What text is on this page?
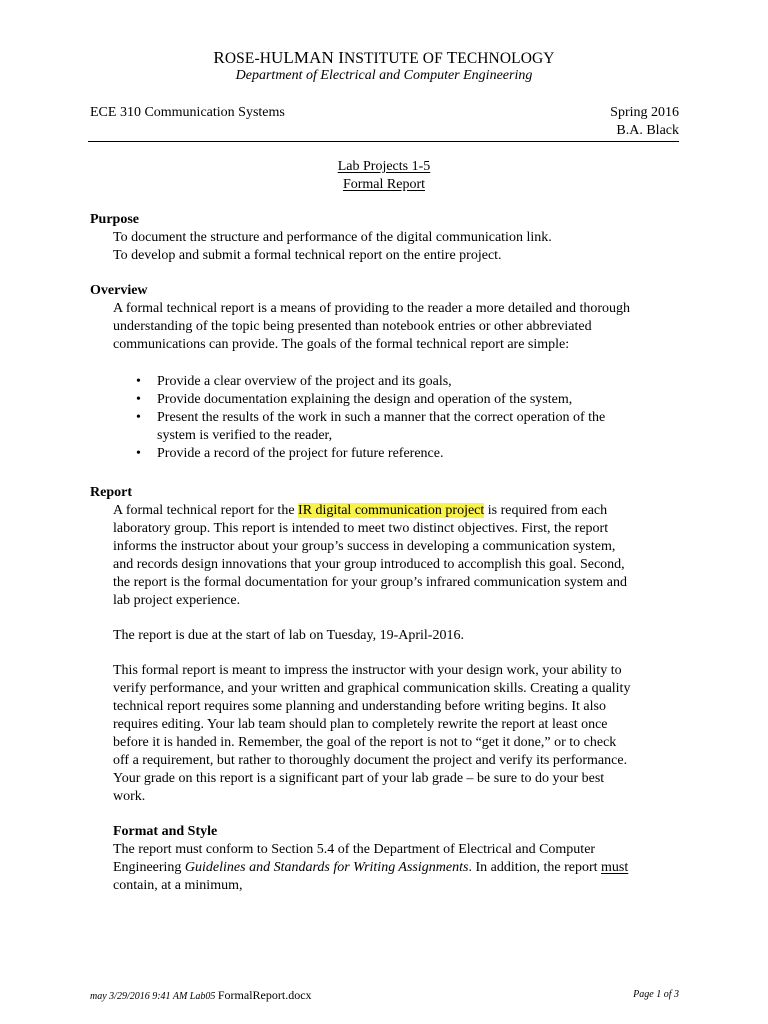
ROSE-HULMAN INSTITUTE OF TECHNOLOGY
Department of Electrical and Computer Engineering
ECE 310 Communication Systems	Spring 2016
B.A. Black
Lab Projects 1-5
Formal Report
Purpose
To document the structure and performance of the digital communication link.
To develop and submit a formal technical report on the entire project.
Overview
A formal technical report is a means of providing to the reader a more detailed and thorough
understanding of the topic being presented than notebook entries or other abbreviated
communications can provide. The goals of the formal technical report are simple:
• Provide a clear overview of the project and its goals,
• Provide documentation explaining the design and operation of the system,
• Present the results of the work in such a manner that the correct operation of the
system is verified to the reader,
• Provide a record of the project for future reference.
Report
A formal technical report for the IR digital communication project is required from each
laboratory group. This report is intended to meet two distinct objectives. First, the report
informs the instructor about your group’s success in developing a communication system,
and records design innovations that your group introduced to accomplish this goal. Second,
the report is the formal documentation for your group’s infrared communication system and
lab project experience.
The report is due at the start of lab on Tuesday, 19-April-2016.
This formal report is meant to impress the instructor with your design work, your ability to
verify performance, and your written and graphical communication skills. Creating a quality
technical report requires some planning and understanding before writing begins. It also
requires editing. Your lab team should plan to completely rewrite the report at least once
before it is handed in. Remember, the goal of the report is not to “get it done,” or to check
off a requirement, but rather to thoroughly document the project and verify its performance.
Your grade on this report is a significant part of your lab grade – be sure to do your best
work.
Format and Style
The report must conform to Section 5.4 of the Department of Electrical and Computer
Engineering Guidelines and Standards for Writing Assignments. In addition, the report must
contain, at a minimum,
may 3/29/2016 9:41 AM Lab05 FormalReport.docx	Page 1 of 3
